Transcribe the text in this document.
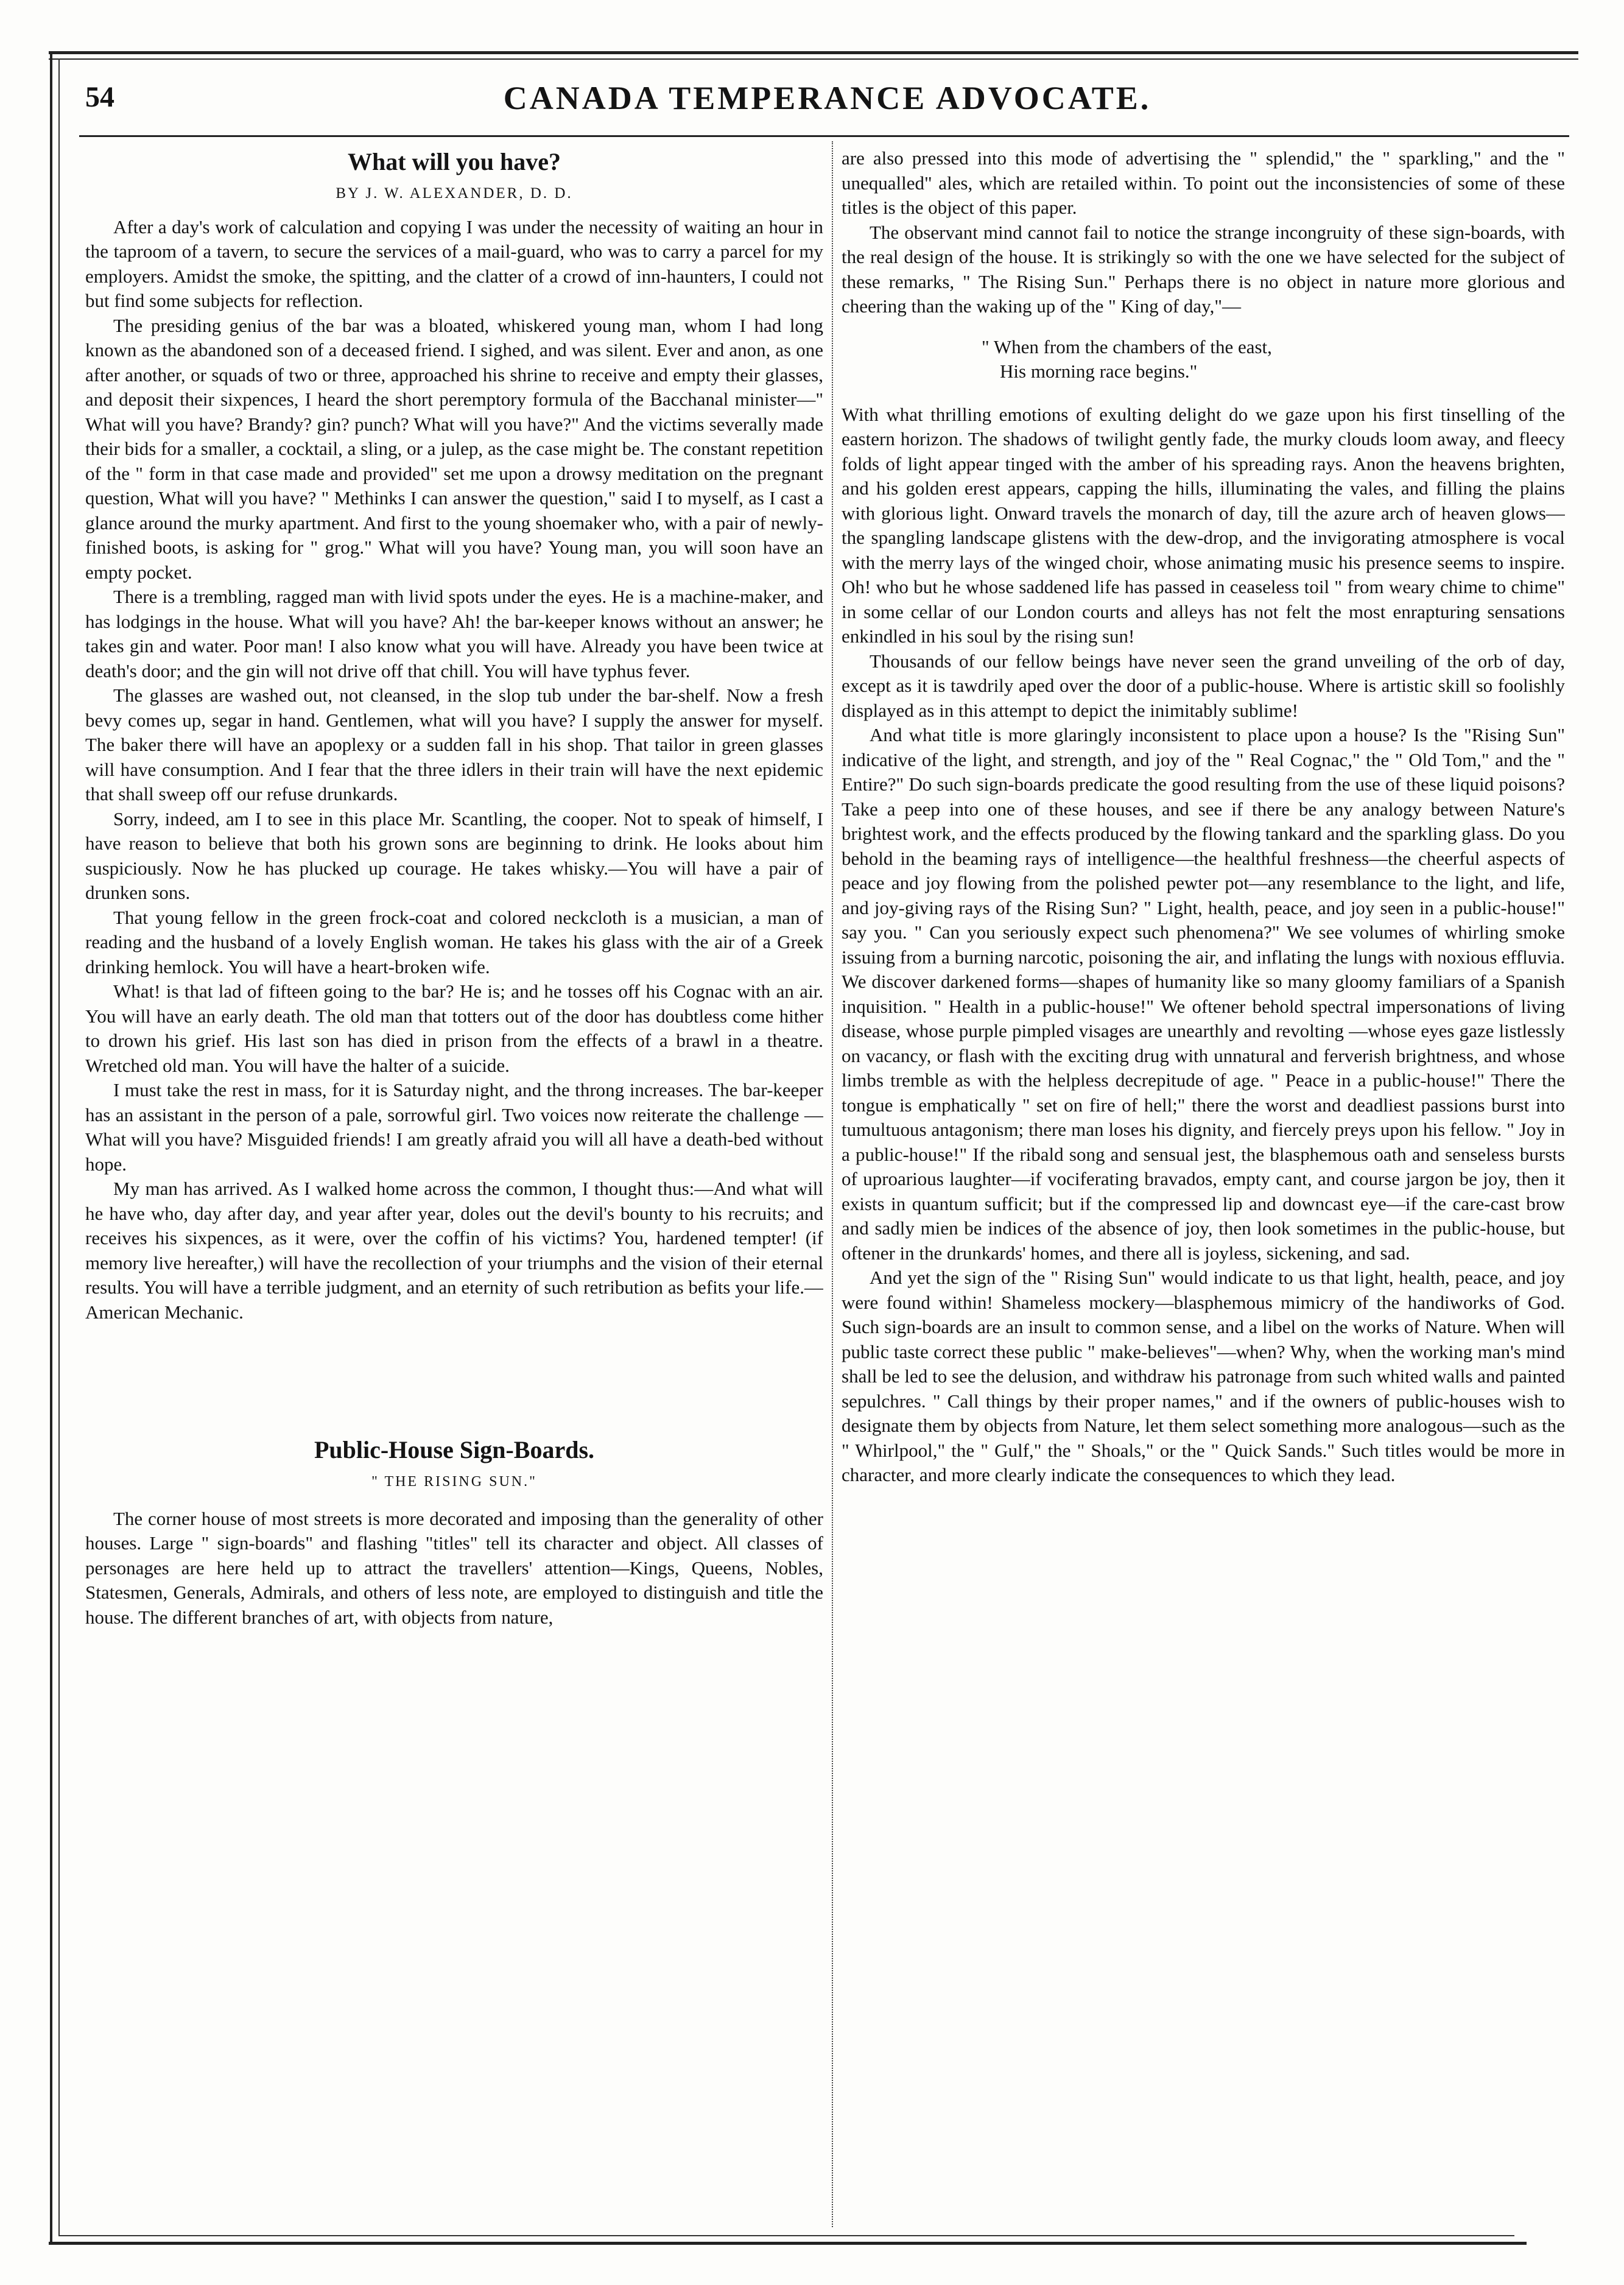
54	CANADA TEMPERANCE ADVOCATE.
What will you have?
BY J. W. ALEXANDER, D. D.

After a day's work of calculation and copying I was under the necessity of waiting an hour in the taproom of a tavern, to secure the services of a mail-guard, who was to carry a parcel for my employers. Amidst the smoke, the spitting, and the clatter of a crowd of inn-haunters, I could not but find some subjects for reflection.

The presiding genius of the bar was a bloated, whiskered young man, whom I had long known as the abandoned son of a deceased friend. I sighed, and was silent. Ever and anon, as one after another, or squads of two or three, approached his shrine to receive and empty their glasses, and deposit their sixpences, I heard the short peremptory formula of the Bacchanal minister—" What will you have? Brandy? gin? punch? What will you have?" And the victims severally made their bids for a smaller, a cocktail, a sling, or a julep, as the case might be. The constant repetition of the " form in that case made and provided" set me upon a drowsy meditation on the pregnant question, What will you have? " Methinks I can answer the question," said I to myself, as I cast a glance around the murky apartment. And first to the young shoemaker who, with a pair of newly-finished boots, is asking for " grog." What will you have? Young man, you will soon have an empty pocket.

There is a trembling, ragged man with livid spots under the eyes. He is a machine-maker, and has lodgings in the house. What will you have? Ah! the bar-keeper knows without an answer; he takes gin and water. Poor man! I also know what you will have. Already you have been twice at death's door; and the gin will not drive off that chill. You will have typhus fever.

The glasses are washed out, not cleansed, in the slop tub under the bar-shelf. Now a fresh bevy comes up, segar in hand. Gentlemen, what will you have? I supply the answer for myself. The baker there will have an apoplexy or a sudden fall in his shop. That tailor in green glasses will have consumption. And I fear that the three idlers in their train will have the next epidemic that shall sweep off our refuse drunkards.

Sorry, indeed, am I to see in this place Mr. Scantling, the cooper. Not to speak of himself, I have reason to believe that both his grown sons are beginning to drink. He looks about him suspiciously. Now he has plucked up courage. He takes whisky.—You will have a pair of drunken sons.

That young fellow in the green frock-coat and colored neckcloth is a musician, a man of reading and the husband of a lovely English woman. He takes his glass with the air of a Greek drinking hemlock. You will have a heart-broken wife.

What! is that lad of fifteen going to the bar? He is; and he tosses off his Cognac with an air. You will have an early death. The old man that totters out of the door has doubtless come hither to drown his grief. His last son has died in prison from the effects of a brawl in a theatre. Wretched old man. You will have the halter of a suicide.

I must take the rest in mass, for it is Saturday night, and the throng increases. The bar-keeper has an assistant in the person of a pale, sorrowful girl. Two voices now reiterate the challenge —What will you have? Misguided friends! I am greatly afraid you will all have a death-bed without hope.

My man has arrived. As I walked home across the common, I thought thus:—And what will he have who, day after day, and year after year, doles out the devil's bounty to his recruits; and receives his sixpences, as it were, over the coffin of his victims? You, hardened tempter! (if memory live hereafter,) will have the recollection of your triumphs and the vision of their eternal results. You will have a terrible judgment, and an eternity of such retribution as befits your life.—American Mechanic.

Public-House Sign-Boards.
" THE RISING SUN."

The corner house of most streets is more decorated and imposing than the generality of other houses. Large " sign-boards" and flashing "titles" tell its character and object. All classes of personages are here held up to attract the travellers' attention—Kings, Queens, Nobles, Statesmen, Generals, Admirals, and others of less note, are employed to distinguish and title the house. The different branches of art, with objects from nature,

are also pressed into this mode of advertising the " splendid," the " sparkling," and the " unequalled" ales, which are retailed within. To point out the inconsistencies of some of these titles is the object of this paper.

The observant mind cannot fail to notice the strange incongruity of these sign-boards, with the real design of the house. It is strikingly so with the one we have selected for the subject of these remarks, " The Rising Sun." Perhaps there is no object in nature more glorious and cheering than the waking up of the " King of day,"—

" When from the chambers of the east,
His morning race begins."

With what thrilling emotions of exulting delight do we gaze upon his first tinselling of the eastern horizon. The shadows of twilight gently fade, the murky clouds loom away, and fleecy folds of light appear tinged with the amber of his spreading rays. Anon the heavens brighten, and his golden erest appears, capping the hills, illuminating the vales, and filling the plains with glorious light. Onward travels the monarch of day, till the azure arch of heaven glows—the spangling landscape glistens with the dew-drop, and the invigorating atmosphere is vocal with the merry lays of the winged choir, whose animating music his presence seems to inspire. Oh! who but he whose saddened life has passed in ceaseless toil " from weary chime to chime" in some cellar of our London courts and alleys has not felt the most enrapturing sensations enkindled in his soul by the rising sun!

Thousands of our fellow beings have never seen the grand unveiling of the orb of day, except as it is tawdrily aped over the door of a public-house. Where is artistic skill so foolishly displayed as in this attempt to depict the inimitably sublime!

And what title is more glaringly inconsistent to place upon a house? Is the "Rising Sun" indicative of the light, and strength, and joy of the " Real Cognac," the " Old Tom," and the " Entire?" Do such sign-boards predicate the good resulting from the use of these liquid poisons? Take a peep into one of these houses, and see if there be any analogy between Nature's brightest work, and the effects produced by the flowing tankard and the sparkling glass. Do you behold in the beaming rays of intelligence—the healthful freshness—the cheerful aspects of peace and joy flowing from the polished pewter pot—any resemblance to the light, and life, and joy-giving rays of the Rising Sun? " Light, health, peace, and joy seen in a public-house!" say you. " Can you seriously expect such phenomena?" We see volumes of whirling smoke issuing from a burning narcotic, poisoning the air, and inflating the lungs with noxious effluvia. We discover darkened forms—shapes of humanity like so many gloomy familiars of a Spanish inquisition. " Health in a public-house!" We oftener behold spectral impersonations of living disease, whose purple pimpled visages are unearthly and revolting —whose eyes gaze listlessly on vacancy, or flash with the exciting drug with unnatural and ferverish brightness, and whose limbs tremble as with the helpless decrepitude of age. " Peace in a public-house!" There the tongue is emphatically " set on fire of hell;" there the worst and deadliest passions burst into tumultuous antagonism; there man loses his dignity, and fiercely preys upon his fellow. " Joy in a public-house!" If the ribald song and sensual jest, the blasphemous oath and senseless bursts of uproarious laughter—if vociferating bravados, empty cant, and course jargon be joy, then it exists in quantum sufficit; but if the compressed lip and downcast eye—if the care-cast brow and sadly mien be indices of the absence of joy, then look sometimes in the public-house, but oftener in the drunkards' homes, and there all is joyless, sickening, and sad.

And yet the sign of the " Rising Sun" would indicate to us that light, health, peace, and joy were found within! Shameless mockery—blasphemous mimicry of the handiworks of God. Such sign-boards are an insult to common sense, and a libel on the works of Nature. When will public taste correct these public " make-believes"—when? Why, when the working man's mind shall be led to see the delusion, and withdraw his patronage from such whited walls and painted sepulchres. " Call things by their proper names," and if the owners of public-houses wish to designate them by objects from Nature, let them select something more analogous—such as the " Whirlpool," the " Gulf," the " Shoals," or the " Quick Sands." Such titles would be more in character, and more clearly indicate the consequences to which they lead.
